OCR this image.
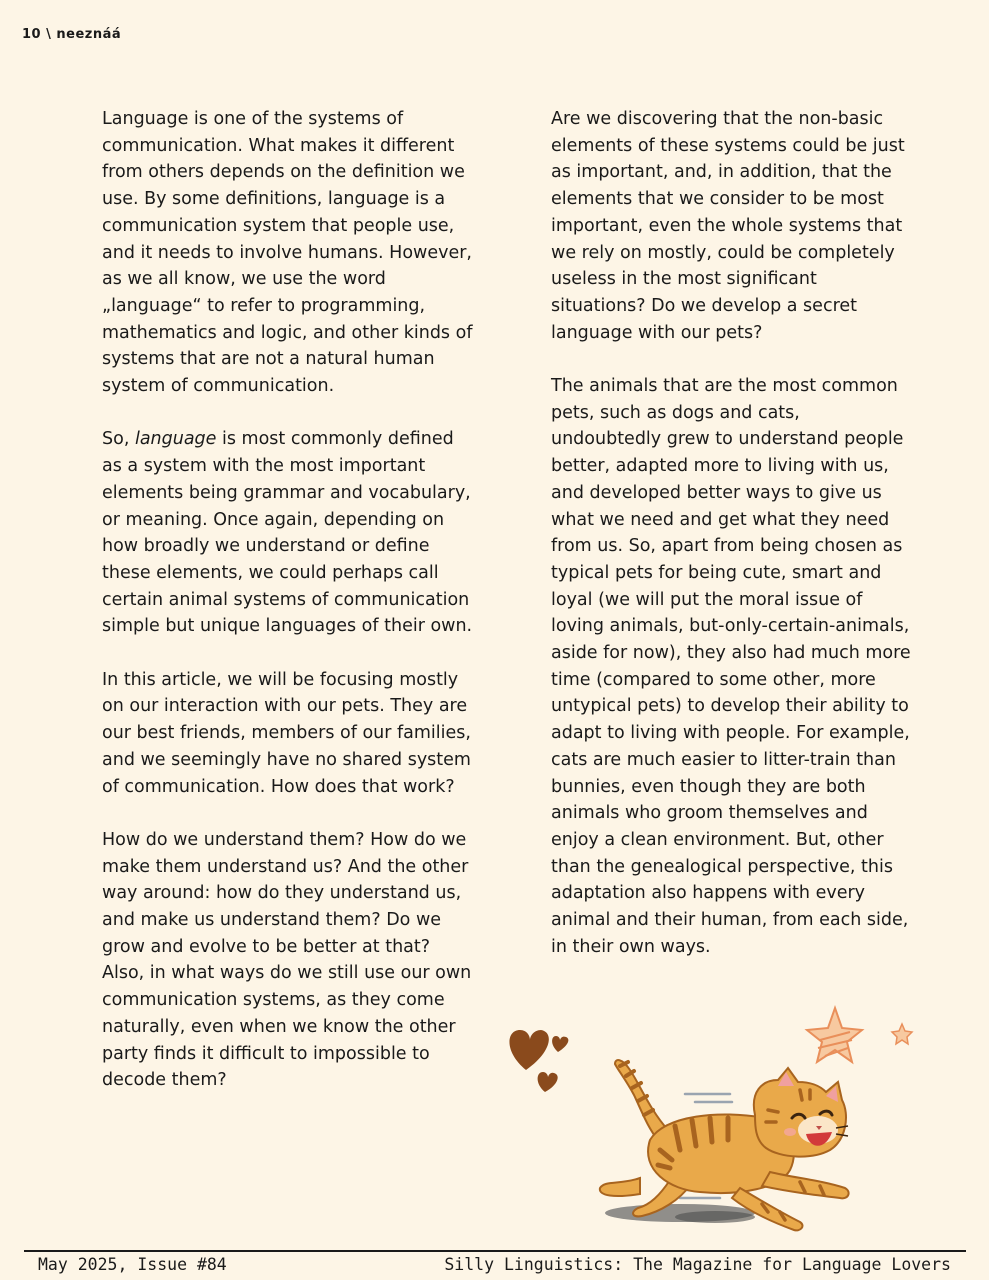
10 \ neeznáá

Language is one of the systems of communication. What makes it different from others depends on the definition we use. By some definitions, language is a communication system that people use, and it needs to involve humans. However, as we all know, we use the word „language“ to refer to programming, mathematics and logic, and other kinds of systems that are not a natural human system of communication.

So, language is most commonly defined as a system with the most important elements being grammar and vocabulary, or meaning. Once again, depending on how broadly we understand or define these elements, we could perhaps call certain animal systems of communication simple but unique languages of their own.

In this article, we will be focusing mostly on our interaction with our pets. They are our best friends, members of our families, and we seemingly have no shared system of communication. How does that work?

How do we understand them? How do we make them understand us? And the other way around: how do they understand us, and make us understand them? Do we grow and evolve to be better at that? Also, in what ways do we still use our own communication systems, as they come naturally, even when we know the other party finds it difficult to impossible to decode them?

Are we discovering that the non-basic elements of these systems could be just as important, and, in addition, that the elements that we consider to be most important, even the whole systems that we rely on mostly, could be completely useless in the most significant situations? Do we develop a secret language with our pets?

The animals that are the most common pets, such as dogs and cats, undoubtedly grew to understand people better, adapted more to living with us, and developed better ways to give us what we need and get what they need from us. So, apart from being chosen as typical pets for being cute, smart and loyal (we will put the moral issue of loving animals, but-only-certain-animals, aside for now), they also had much more time (compared to some other, more untypical pets) to develop their ability to adapt to living with people. For example, cats are much easier to litter-train than bunnies, even though they are both animals who groom themselves and enjoy a clean environment. But, other than the genealogical perspective, this adaptation also happens with every animal and their human, from each side, in their own ways.

May 2025, Issue #84	Silly Linguistics: The Magazine for Language Lovers
